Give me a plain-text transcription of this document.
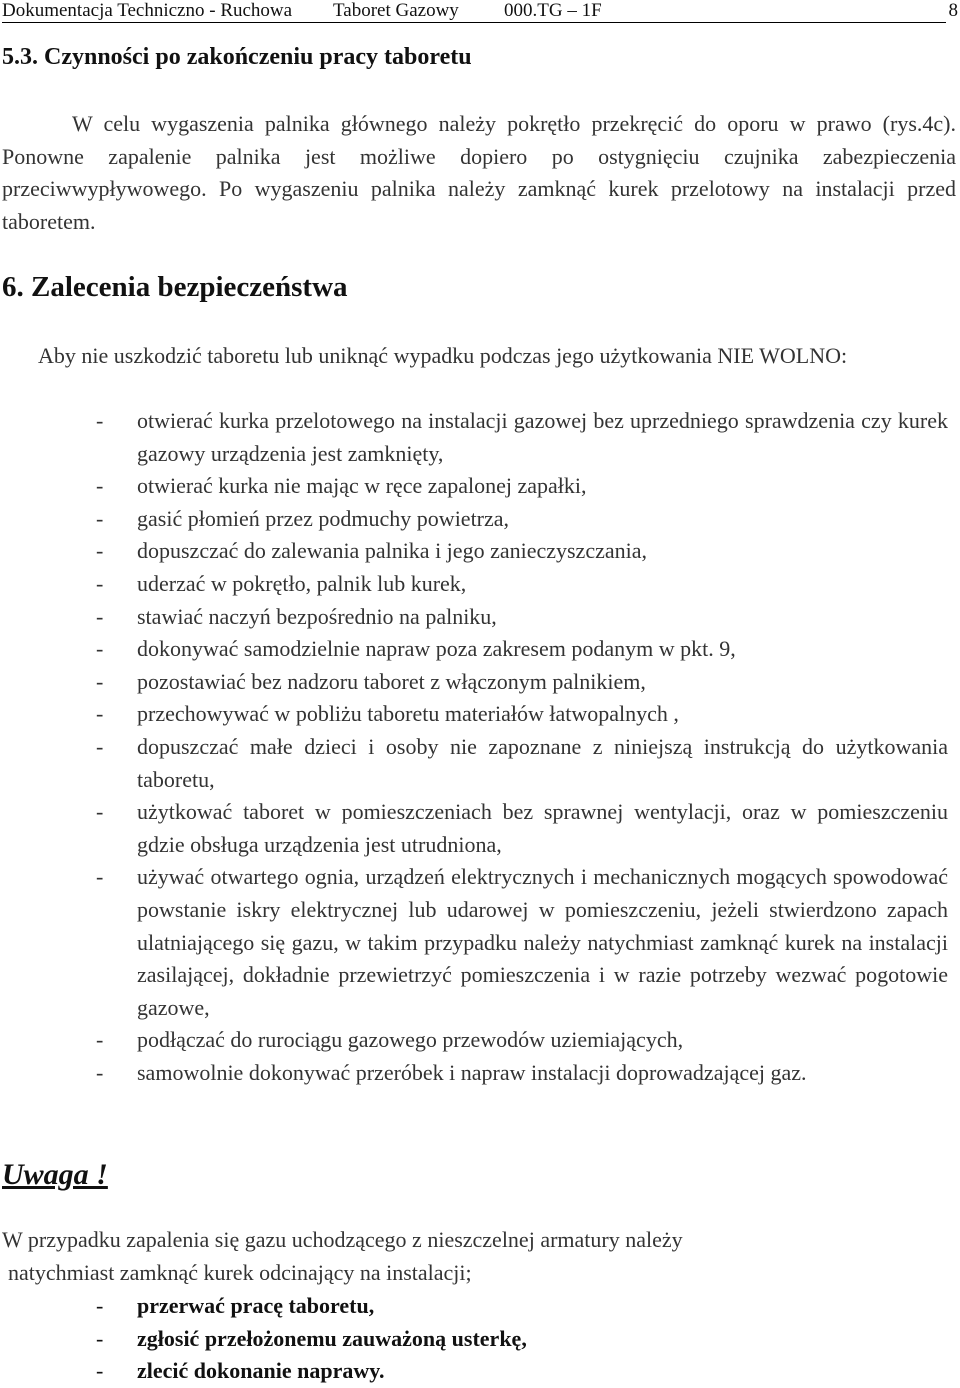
Dokumentacja Techniczno - Ruchowa Taboret Gazowy 000.TG – 1F	8
5.3. Czynności po zakończeniu pracy taboretu
W celu wygaszenia palnika głównego należy pokrętło przekręcić do oporu w prawo (rys.4c). Ponowne zapalenie palnika jest możliwe dopiero po ostygnięciu czujnika zabezpieczenia przeciwwypływowego. Po wygaszeniu palnika należy zamknąć kurek przelotowy na instalacji przed taboretem.
6. Zalecenia bezpieczeństwa
Aby nie uszkodzić taboretu lub uniknąć wypadku podczas jego użytkowania NIE WOLNO:
- otwierać kurka przelotowego na instalacji gazowej bez uprzedniego sprawdzenia czy kurek gazowy urządzenia jest zamknięty,
- otwierać kurka nie mając w ręce zapalonej zapałki,
- gasić płomień przez podmuchy powietrza,
- dopuszczać do zalewania palnika i jego zanieczyszczania,
- uderzać w pokrętło, palnik lub kurek,
- stawiać naczyń bezpośrednio na palniku,
- dokonywać samodzielnie napraw poza zakresem podanym w pkt. 9,
- pozostawiać bez nadzoru taboret z włączonym palnikiem,
- przechowywać w pobliżu taboretu materiałów łatwopalnych ,
- dopuszczać małe dzieci i osoby nie zapoznane z niniejszą instrukcją do użytkowania taboretu,
- użytkować taboret w pomieszczeniach bez sprawnej wentylacji, oraz w pomieszczeniu gdzie obsługa urządzenia jest utrudniona,
- używać otwartego ognia, urządzeń elektrycznych i mechanicznych mogących spowodować powstanie iskry elektrycznej lub udarowej w pomieszczeniu, jeżeli stwierdzono zapach ulatniającego się gazu, w takim przypadku należy natychmiast zamknąć kurek na instalacji zasilającej, dokładnie przewietrzyć pomieszczenia i w razie potrzeby wezwać pogotowie gazowe,
- podłączać do rurociągu gazowego przewodów uziemiających,
- samowolnie dokonywać przeróbek i napraw instalacji doprowadzającej gaz.
Uwaga !
W przypadku zapalenia się gazu uchodzącego z nieszczelnej armatury należy
natychmiast zamknąć kurek odcinający na instalacji;
- przerwać pracę taboretu,
- zgłosić przełożonemu zauważoną usterkę,
- zlecić dokonanie naprawy.
